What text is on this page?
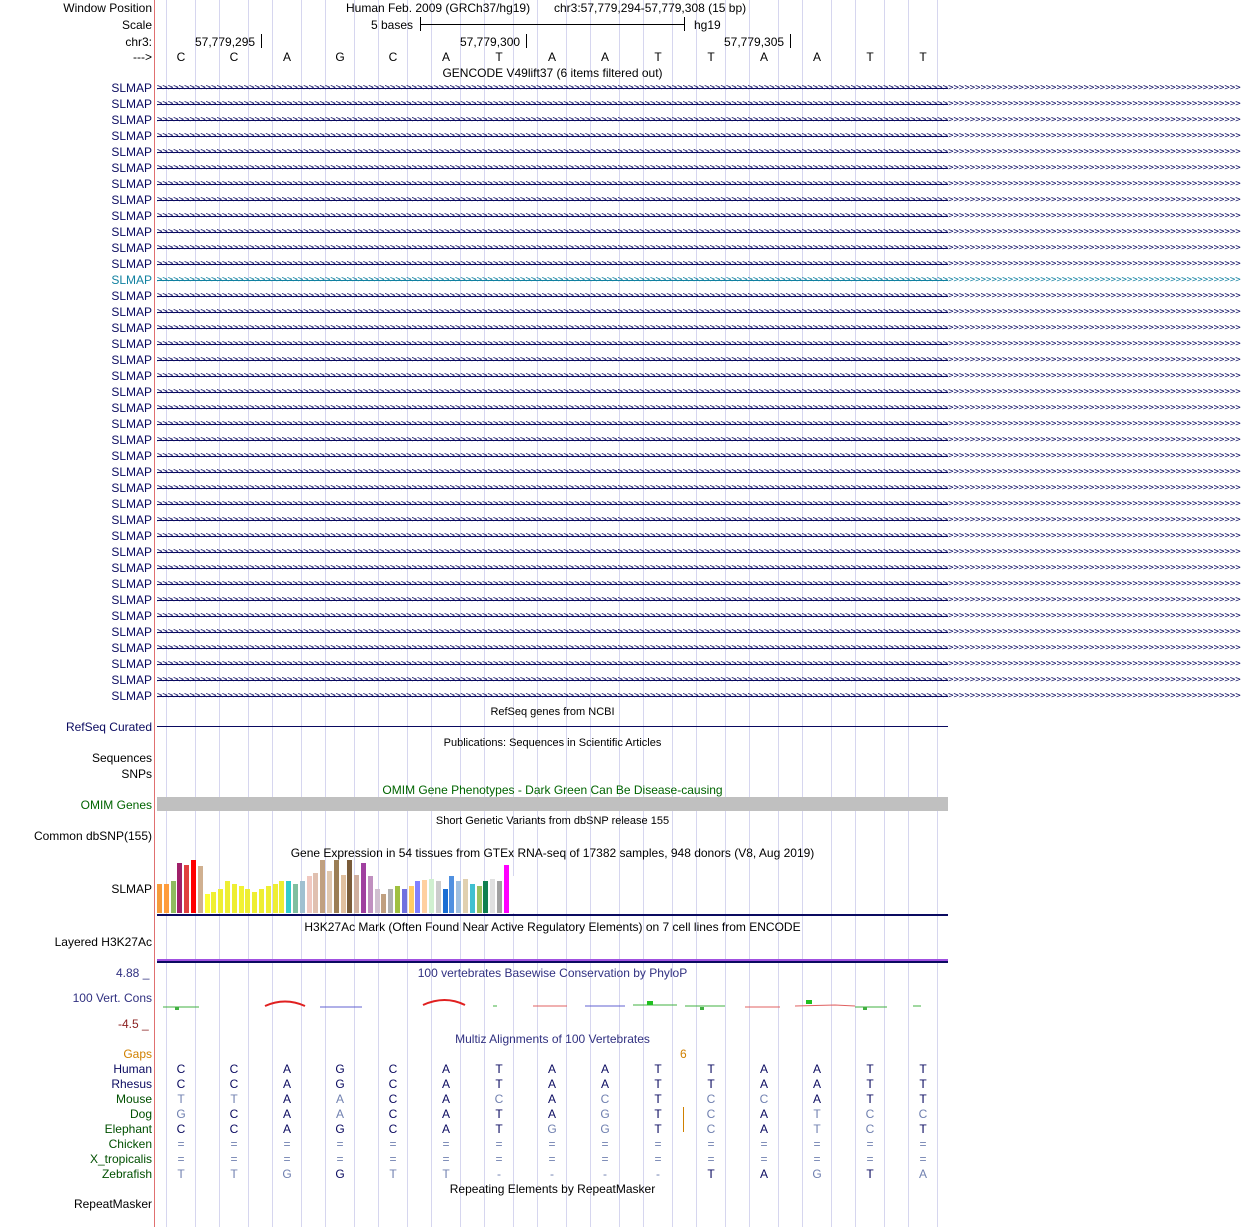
Window Position	Human Feb. 2009 (GRCh37/hg19) chr3:57,779,294-57,779,308 (15 bp)
Scale	5 bases	hg19
chr3:	57,779,295	57,779,300	57,779,305
--->	C	C	A	G	C	A	T	A	A	T	T	A	A	T	T
GENCODE V49lift37 (6 items filtered out)
SLMAP >>>>>>>>>>>>>>>>>>>>>>>>>>>>>>>>>>>>>>>>>>>>>>>>>>>>>>>>>>>>>>>>>>>>>>>>>>>>>>>>>>>>>>>>>>>>>>>>>>>>>>>>>>>>>>>>>>>>>>>>>>>>>>>>>>>>>>>>>>>>>>>>>>>>>>>>>>>>>>>>>>>>>>>>>>>>>>>>>>>>>>>>>>>>>>>>>>>>>>>>
SLMAP >>>>>>>>>>>>>>>>>>>>>>>>>>>>>>>>>>>>>>>>>>>>>>>>>>>>>>>>>>>>>>>>>>>>>>>>>>>>>>>>>>>>>>>>>>>>>>>>>>>>>>>>>>>>>>>>>>>>>>>>>>>>>>>>>>>>>>>>>>>>>>>>>>>>>>>>>>>>>>>>>>>>>>>>>>>>>>>>>>>>>>>>>>>>>>>>>>>>>>>>
SLMAP >>>>>>>>>>>>>>>>>>>>>>>>>>>>>>>>>>>>>>>>>>>>>>>>>>>>>>>>>>>>>>>>>>>>>>>>>>>>>>>>>>>>>>>>>>>>>>>>>>>>>>>>>>>>>>>>>>>>>>>>>>>>>>>>>>>>>>>>>>>>>>>>>>>>>>>>>>>>>>>>>>>>>>>>>>>>>>>>>>>>>>>>>>>>>>>>>>>>>>>>
SLMAP >>>>>>>>>>>>>>>>>>>>>>>>>>>>>>>>>>>>>>>>>>>>>>>>>>>>>>>>>>>>>>>>>>>>>>>>>>>>>>>>>>>>>>>>>>>>>>>>>>>>>>>>>>>>>>>>>>>>>>>>>>>>>>>>>>>>>>>>>>>>>>>>>>>>>>>>>>>>>>>>>>>>>>>>>>>>>>>>>>>>>>>>>>>>>>>>>>>>>>>>
SLMAP >>>>>>>>>>>>>>>>>>>>>>>>>>>>>>>>>>>>>>>>>>>>>>>>>>>>>>>>>>>>>>>>>>>>>>>>>>>>>>>>>>>>>>>>>>>>>>>>>>>>>>>>>>>>>>>>>>>>>>>>>>>>>>>>>>>>>>>>>>>>>>>>>>>>>>>>>>>>>>>>>>>>>>>>>>>>>>>>>>>>>>>>>>>>>>>>>>>>>>>>
SLMAP >>>>>>>>>>>>>>>>>>>>>>>>>>>>>>>>>>>>>>>>>>>>>>>>>>>>>>>>>>>>>>>>>>>>>>>>>>>>>>>>>>>>>>>>>>>>>>>>>>>>>>>>>>>>>>>>>>>>>>>>>>>>>>>>>>>>>>>>>>>>>>>>>>>>>>>>>>>>>>>>>>>>>>>>>>>>>>>>>>>>>>>>>>>>>>>>>>>>>>>>
SLMAP >>>>>>>>>>>>>>>>>>>>>>>>>>>>>>>>>>>>>>>>>>>>>>>>>>>>>>>>>>>>>>>>>>>>>>>>>>>>>>>>>>>>>>>>>>>>>>>>>>>>>>>>>>>>>>>>>>>>>>>>>>>>>>>>>>>>>>>>>>>>>>>>>>>>>>>>>>>>>>>>>>>>>>>>>>>>>>>>>>>>>>>>>>>>>>>>>>>>>>>>
SLMAP >>>>>>>>>>>>>>>>>>>>>>>>>>>>>>>>>>>>>>>>>>>>>>>>>>>>>>>>>>>>>>>>>>>>>>>>>>>>>>>>>>>>>>>>>>>>>>>>>>>>>>>>>>>>>>>>>>>>>>>>>>>>>>>>>>>>>>>>>>>>>>>>>>>>>>>>>>>>>>>>>>>>>>>>>>>>>>>>>>>>>>>>>>>>>>>>>>>>>>>>
SLMAP >>>>>>>>>>>>>>>>>>>>>>>>>>>>>>>>>>>>>>>>>>>>>>>>>>>>>>>>>>>>>>>>>>>>>>>>>>>>>>>>>>>>>>>>>>>>>>>>>>>>>>>>>>>>>>>>>>>>>>>>>>>>>>>>>>>>>>>>>>>>>>>>>>>>>>>>>>>>>>>>>>>>>>>>>>>>>>>>>>>>>>>>>>>>>>>>>>>>>>>>
SLMAP >>>>>>>>>>>>>>>>>>>>>>>>>>>>>>>>>>>>>>>>>>>>>>>>>>>>>>>>>>>>>>>>>>>>>>>>>>>>>>>>>>>>>>>>>>>>>>>>>>>>>>>>>>>>>>>>>>>>>>>>>>>>>>>>>>>>>>>>>>>>>>>>>>>>>>>>>>>>>>>>>>>>>>>>>>>>>>>>>>>>>>>>>>>>>>>>>>>>>>>>
SLMAP >>>>>>>>>>>>>>>>>>>>>>>>>>>>>>>>>>>>>>>>>>>>>>>>>>>>>>>>>>>>>>>>>>>>>>>>>>>>>>>>>>>>>>>>>>>>>>>>>>>>>>>>>>>>>>>>>>>>>>>>>>>>>>>>>>>>>>>>>>>>>>>>>>>>>>>>>>>>>>>>>>>>>>>>>>>>>>>>>>>>>>>>>>>>>>>>>>>>>>>>
SLMAP >>>>>>>>>>>>>>>>>>>>>>>>>>>>>>>>>>>>>>>>>>>>>>>>>>>>>>>>>>>>>>>>>>>>>>>>>>>>>>>>>>>>>>>>>>>>>>>>>>>>>>>>>>>>>>>>>>>>>>>>>>>>>>>>>>>>>>>>>>>>>>>>>>>>>>>>>>>>>>>>>>>>>>>>>>>>>>>>>>>>>>>>>>>>>>>>>>>>>>>>
SLMAP >>>>>>>>>>>>>>>>>>>>>>>>>>>>>>>>>>>>>>>>>>>>>>>>>>>>>>>>>>>>>>>>>>>>>>>>>>>>>>>>>>>>>>>>>>>>>>>>>>>>>>>>>>>>>>>>>>>>>>>>>>>>>>>>>>>>>>>>>>>>>>>>>>>>>>>>>>>>>>>>>>>>>>>>>>>>>>>>>>>>>>>>>>>>>>>>>>>>>>>>
SLMAP >>>>>>>>>>>>>>>>>>>>>>>>>>>>>>>>>>>>>>>>>>>>>>>>>>>>>>>>>>>>>>>>>>>>>>>>>>>>>>>>>>>>>>>>>>>>>>>>>>>>>>>>>>>>>>>>>>>>>>>>>>>>>>>>>>>>>>>>>>>>>>>>>>>>>>>>>>>>>>>>>>>>>>>>>>>>>>>>>>>>>>>>>>>>>>>>>>>>>>>>
SLMAP >>>>>>>>>>>>>>>>>>>>>>>>>>>>>>>>>>>>>>>>>>>>>>>>>>>>>>>>>>>>>>>>>>>>>>>>>>>>>>>>>>>>>>>>>>>>>>>>>>>>>>>>>>>>>>>>>>>>>>>>>>>>>>>>>>>>>>>>>>>>>>>>>>>>>>>>>>>>>>>>>>>>>>>>>>>>>>>>>>>>>>>>>>>>>>>>>>>>>>>>
SLMAP >>>>>>>>>>>>>>>>>>>>>>>>>>>>>>>>>>>>>>>>>>>>>>>>>>>>>>>>>>>>>>>>>>>>>>>>>>>>>>>>>>>>>>>>>>>>>>>>>>>>>>>>>>>>>>>>>>>>>>>>>>>>>>>>>>>>>>>>>>>>>>>>>>>>>>>>>>>>>>>>>>>>>>>>>>>>>>>>>>>>>>>>>>>>>>>>>>>>>>>>
SLMAP >>>>>>>>>>>>>>>>>>>>>>>>>>>>>>>>>>>>>>>>>>>>>>>>>>>>>>>>>>>>>>>>>>>>>>>>>>>>>>>>>>>>>>>>>>>>>>>>>>>>>>>>>>>>>>>>>>>>>>>>>>>>>>>>>>>>>>>>>>>>>>>>>>>>>>>>>>>>>>>>>>>>>>>>>>>>>>>>>>>>>>>>>>>>>>>>>>>>>>>>
SLMAP >>>>>>>>>>>>>>>>>>>>>>>>>>>>>>>>>>>>>>>>>>>>>>>>>>>>>>>>>>>>>>>>>>>>>>>>>>>>>>>>>>>>>>>>>>>>>>>>>>>>>>>>>>>>>>>>>>>>>>>>>>>>>>>>>>>>>>>>>>>>>>>>>>>>>>>>>>>>>>>>>>>>>>>>>>>>>>>>>>>>>>>>>>>>>>>>>>>>>>>>
SLMAP >>>>>>>>>>>>>>>>>>>>>>>>>>>>>>>>>>>>>>>>>>>>>>>>>>>>>>>>>>>>>>>>>>>>>>>>>>>>>>>>>>>>>>>>>>>>>>>>>>>>>>>>>>>>>>>>>>>>>>>>>>>>>>>>>>>>>>>>>>>>>>>>>>>>>>>>>>>>>>>>>>>>>>>>>>>>>>>>>>>>>>>>>>>>>>>>>>>>>>>>
SLMAP >>>>>>>>>>>>>>>>>>>>>>>>>>>>>>>>>>>>>>>>>>>>>>>>>>>>>>>>>>>>>>>>>>>>>>>>>>>>>>>>>>>>>>>>>>>>>>>>>>>>>>>>>>>>>>>>>>>>>>>>>>>>>>>>>>>>>>>>>>>>>>>>>>>>>>>>>>>>>>>>>>>>>>>>>>>>>>>>>>>>>>>>>>>>>>>>>>>>>>>>
SLMAP >>>>>>>>>>>>>>>>>>>>>>>>>>>>>>>>>>>>>>>>>>>>>>>>>>>>>>>>>>>>>>>>>>>>>>>>>>>>>>>>>>>>>>>>>>>>>>>>>>>>>>>>>>>>>>>>>>>>>>>>>>>>>>>>>>>>>>>>>>>>>>>>>>>>>>>>>>>>>>>>>>>>>>>>>>>>>>>>>>>>>>>>>>>>>>>>>>>>>>>>
SLMAP >>>>>>>>>>>>>>>>>>>>>>>>>>>>>>>>>>>>>>>>>>>>>>>>>>>>>>>>>>>>>>>>>>>>>>>>>>>>>>>>>>>>>>>>>>>>>>>>>>>>>>>>>>>>>>>>>>>>>>>>>>>>>>>>>>>>>>>>>>>>>>>>>>>>>>>>>>>>>>>>>>>>>>>>>>>>>>>>>>>>>>>>>>>>>>>>>>>>>>>>
SLMAP >>>>>>>>>>>>>>>>>>>>>>>>>>>>>>>>>>>>>>>>>>>>>>>>>>>>>>>>>>>>>>>>>>>>>>>>>>>>>>>>>>>>>>>>>>>>>>>>>>>>>>>>>>>>>>>>>>>>>>>>>>>>>>>>>>>>>>>>>>>>>>>>>>>>>>>>>>>>>>>>>>>>>>>>>>>>>>>>>>>>>>>>>>>>>>>>>>>>>>>>
SLMAP >>>>>>>>>>>>>>>>>>>>>>>>>>>>>>>>>>>>>>>>>>>>>>>>>>>>>>>>>>>>>>>>>>>>>>>>>>>>>>>>>>>>>>>>>>>>>>>>>>>>>>>>>>>>>>>>>>>>>>>>>>>>>>>>>>>>>>>>>>>>>>>>>>>>>>>>>>>>>>>>>>>>>>>>>>>>>>>>>>>>>>>>>>>>>>>>>>>>>>>>
SLMAP >>>>>>>>>>>>>>>>>>>>>>>>>>>>>>>>>>>>>>>>>>>>>>>>>>>>>>>>>>>>>>>>>>>>>>>>>>>>>>>>>>>>>>>>>>>>>>>>>>>>>>>>>>>>>>>>>>>>>>>>>>>>>>>>>>>>>>>>>>>>>>>>>>>>>>>>>>>>>>>>>>>>>>>>>>>>>>>>>>>>>>>>>>>>>>>>>>>>>>>>
SLMAP >>>>>>>>>>>>>>>>>>>>>>>>>>>>>>>>>>>>>>>>>>>>>>>>>>>>>>>>>>>>>>>>>>>>>>>>>>>>>>>>>>>>>>>>>>>>>>>>>>>>>>>>>>>>>>>>>>>>>>>>>>>>>>>>>>>>>>>>>>>>>>>>>>>>>>>>>>>>>>>>>>>>>>>>>>>>>>>>>>>>>>>>>>>>>>>>>>>>>>>>
SLMAP >>>>>>>>>>>>>>>>>>>>>>>>>>>>>>>>>>>>>>>>>>>>>>>>>>>>>>>>>>>>>>>>>>>>>>>>>>>>>>>>>>>>>>>>>>>>>>>>>>>>>>>>>>>>>>>>>>>>>>>>>>>>>>>>>>>>>>>>>>>>>>>>>>>>>>>>>>>>>>>>>>>>>>>>>>>>>>>>>>>>>>>>>>>>>>>>>>>>>>>>
SLMAP >>>>>>>>>>>>>>>>>>>>>>>>>>>>>>>>>>>>>>>>>>>>>>>>>>>>>>>>>>>>>>>>>>>>>>>>>>>>>>>>>>>>>>>>>>>>>>>>>>>>>>>>>>>>>>>>>>>>>>>>>>>>>>>>>>>>>>>>>>>>>>>>>>>>>>>>>>>>>>>>>>>>>>>>>>>>>>>>>>>>>>>>>>>>>>>>>>>>>>>>
SLMAP >>>>>>>>>>>>>>>>>>>>>>>>>>>>>>>>>>>>>>>>>>>>>>>>>>>>>>>>>>>>>>>>>>>>>>>>>>>>>>>>>>>>>>>>>>>>>>>>>>>>>>>>>>>>>>>>>>>>>>>>>>>>>>>>>>>>>>>>>>>>>>>>>>>>>>>>>>>>>>>>>>>>>>>>>>>>>>>>>>>>>>>>>>>>>>>>>>>>>>>>
SLMAP >>>>>>>>>>>>>>>>>>>>>>>>>>>>>>>>>>>>>>>>>>>>>>>>>>>>>>>>>>>>>>>>>>>>>>>>>>>>>>>>>>>>>>>>>>>>>>>>>>>>>>>>>>>>>>>>>>>>>>>>>>>>>>>>>>>>>>>>>>>>>>>>>>>>>>>>>>>>>>>>>>>>>>>>>>>>>>>>>>>>>>>>>>>>>>>>>>>>>>>>
SLMAP >>>>>>>>>>>>>>>>>>>>>>>>>>>>>>>>>>>>>>>>>>>>>>>>>>>>>>>>>>>>>>>>>>>>>>>>>>>>>>>>>>>>>>>>>>>>>>>>>>>>>>>>>>>>>>>>>>>>>>>>>>>>>>>>>>>>>>>>>>>>>>>>>>>>>>>>>>>>>>>>>>>>>>>>>>>>>>>>>>>>>>>>>>>>>>>>>>>>>>>>
SLMAP >>>>>>>>>>>>>>>>>>>>>>>>>>>>>>>>>>>>>>>>>>>>>>>>>>>>>>>>>>>>>>>>>>>>>>>>>>>>>>>>>>>>>>>>>>>>>>>>>>>>>>>>>>>>>>>>>>>>>>>>>>>>>>>>>>>>>>>>>>>>>>>>>>>>>>>>>>>>>>>>>>>>>>>>>>>>>>>>>>>>>>>>>>>>>>>>>>>>>>>>
SLMAP >>>>>>>>>>>>>>>>>>>>>>>>>>>>>>>>>>>>>>>>>>>>>>>>>>>>>>>>>>>>>>>>>>>>>>>>>>>>>>>>>>>>>>>>>>>>>>>>>>>>>>>>>>>>>>>>>>>>>>>>>>>>>>>>>>>>>>>>>>>>>>>>>>>>>>>>>>>>>>>>>>>>>>>>>>>>>>>>>>>>>>>>>>>>>>>>>>>>>>>>
SLMAP >>>>>>>>>>>>>>>>>>>>>>>>>>>>>>>>>>>>>>>>>>>>>>>>>>>>>>>>>>>>>>>>>>>>>>>>>>>>>>>>>>>>>>>>>>>>>>>>>>>>>>>>>>>>>>>>>>>>>>>>>>>>>>>>>>>>>>>>>>>>>>>>>>>>>>>>>>>>>>>>>>>>>>>>>>>>>>>>>>>>>>>>>>>>>>>>>>>>>>>>
SLMAP >>>>>>>>>>>>>>>>>>>>>>>>>>>>>>>>>>>>>>>>>>>>>>>>>>>>>>>>>>>>>>>>>>>>>>>>>>>>>>>>>>>>>>>>>>>>>>>>>>>>>>>>>>>>>>>>>>>>>>>>>>>>>>>>>>>>>>>>>>>>>>>>>>>>>>>>>>>>>>>>>>>>>>>>>>>>>>>>>>>>>>>>>>>>>>>>>>>>>>>>
SLMAP >>>>>>>>>>>>>>>>>>>>>>>>>>>>>>>>>>>>>>>>>>>>>>>>>>>>>>>>>>>>>>>>>>>>>>>>>>>>>>>>>>>>>>>>>>>>>>>>>>>>>>>>>>>>>>>>>>>>>>>>>>>>>>>>>>>>>>>>>>>>>>>>>>>>>>>>>>>>>>>>>>>>>>>>>>>>>>>>>>>>>>>>>>>>>>>>>>>>>>>>
SLMAP >>>>>>>>>>>>>>>>>>>>>>>>>>>>>>>>>>>>>>>>>>>>>>>>>>>>>>>>>>>>>>>>>>>>>>>>>>>>>>>>>>>>>>>>>>>>>>>>>>>>>>>>>>>>>>>>>>>>>>>>>>>>>>>>>>>>>>>>>>>>>>>>>>>>>>>>>>>>>>>>>>>>>>>>>>>>>>>>>>>>>>>>>>>>>>>>>>>>>>>>
SLMAP >>>>>>>>>>>>>>>>>>>>>>>>>>>>>>>>>>>>>>>>>>>>>>>>>>>>>>>>>>>>>>>>>>>>>>>>>>>>>>>>>>>>>>>>>>>>>>>>>>>>>>>>>>>>>>>>>>>>>>>>>>>>>>>>>>>>>>>>>>>>>>>>>>>>>>>>>>>>>>>>>>>>>>>>>>>>>>>>>>>>>>>>>>>>>>>>>>>>>>>>
SLMAP >>>>>>>>>>>>>>>>>>>>>>>>>>>>>>>>>>>>>>>>>>>>>>>>>>>>>>>>>>>>>>>>>>>>>>>>>>>>>>>>>>>>>>>>>>>>>>>>>>>>>>>>>>>>>>>>>>>>>>>>>>>>>>>>>>>>>>>>>>>>>>>>>>>>>>>>>>>>>>>>>>>>>>>>>>>>>>>>>>>>>>>>>>>>>>>>>>>>>>>>
RefSeq genes from NCBI
RefSeq Curated
Publications: Sequences in Scientific Articles
Sequences
SNPs
OMIM Gene Phenotypes - Dark Green Can Be Disease-causing
OMIM Genes
Short Genetic Variants from dbSNP release 155
Common dbSNP(155)
Gene Expression in 54 tissues from GTEx RNA-seq of 17382 samples, 948 donors (V8, Aug 2019)
SLMAP
H3K27Ac Mark (Often Found Near Active Regulatory Elements) on 7 cell lines from ENCODE
Layered H3K27Ac
100 vertebrates Basewise Conservation by PhyloP
4.88 _
100 Vert. Cons
-4.5 _
Multiz Alignments of 100 Vertebrates
Gaps	6
Human	C	C	A	G	C	A	T	A	A	T	T	A	A	T	T
Rhesus	C	C	A	G	C	A	T	A	A	T	T	A	A	T	T
Mouse	T	T	A	A	C	A	C	A	C	T	C	C	A	T	T
Dog	G	C	A	A	C	A	T	A	G	T	C	A	T	C	C
Elephant	C	C	A	G	C	A	T	G	G	T	C	A	T	C	T
Chicken	=	=	=	=	=	=	=	=	=	=	=	=	=	=	=
X_tropicalis	=	=	=	=	=	=	=	=	=	=	=	=	=	=	=
Zebrafish	T	T	G	G	T	T	-	-	-	-	T	A	G	T	A
Repeating Elements by RepeatMasker
RepeatMasker
